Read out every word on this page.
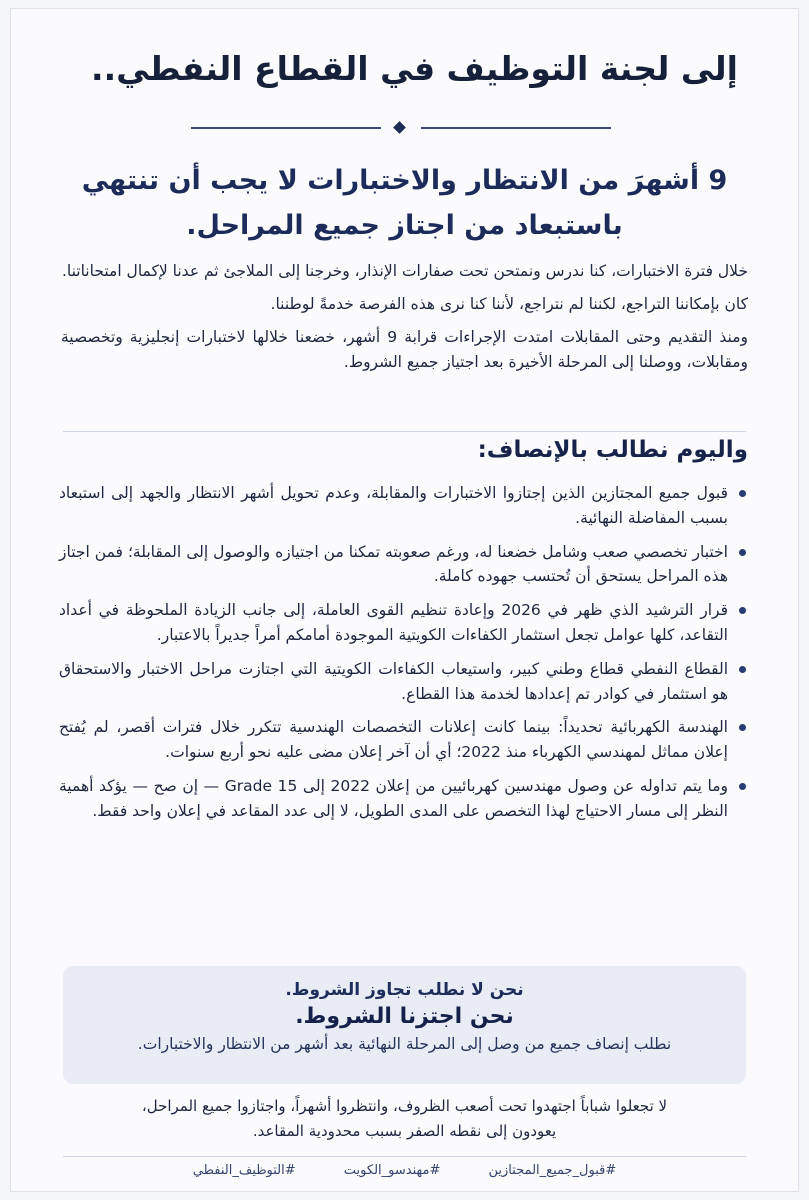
إلى لجنة التوظيف في القطاع النفطي..
9 أشهرَ من الانتظار والاختبارات لا يجب أن تنتهي
باستبعاد من اجتاز جميع المراحل.

خلال فترة الاختبارات، كنا ندرس ونمتحن تحت صفارات الإنذار، وخرجنا إلى الملاجئ ثم عدنا لإكمال امتحاناتنا.

كان بإمكاننا التراجع، لكننا لم نتراجع، لأننا كنا نرى هذه الفرصة خدمةً لوطننا.

ومنذ التقديم وحتى المقابلات امتدت الإجراءات قرابة 9 أشهر، خضعنا خلالها لاختبارات إنجليزية وتخصصية ومقابلات، ووصلنا إلى المرحلة الأخيرة بعد اجتياز جميع الشروط.

واليوم نطالب بالإنصاف:
قبول جميع المجتازين الذين إجتازوا الاختبارات والمقابلة، وعدم تحويل أشهر الانتظار والجهد إلى استبعاد بسبب المفاضلة النهائية.
اختبار تخصصي صعب وشامل خضعنا له، ورغم صعوبته تمكنا من اجتيازه والوصول إلى المقابلة؛ فمن اجتاز هذه المراحل يستحق أن تُحتسب جهوده كاملة.
قرار الترشيد الذي ظهر في 2026 وإعادة تنظيم القوى العاملة، إلى جانب الزيادة الملحوظة في أعداد التقاعد، كلها عوامل تجعل استثمار الكفاءات الكويتية الموجودة أمامكم أمراً جديراً بالاعتبار.
القطاع النفطي قطاع وطني كبير، واستيعاب الكفاءات الكويتية التي اجتازت مراحل الاختبار والاستحقاق هو استثمار في كوادر تم إعدادها لخدمة هذا القطاع.
الهندسة الكهربائية تحديداً: بينما كانت إعلانات التخصصات الهندسية تتكرر خلال فترات أقصر، لم يُفتح إعلان مماثل لمهندسي الكهرباء منذ 2022؛ أي أن آخر إعلان مضى عليه نحو أربع سنوات.
وما يتم تداوله عن وصول مهندسين كهربائيين من إعلان 2022 إلى Grade 15 — إن صح — يؤكد أهمية النظر إلى مسار الاحتياج لهذا التخصص على المدى الطويل، لا إلى عدد المقاعد في إعلان واحد فقط.
نحن لا نطلب تجاوز الشروط.
نحن اجتزنا الشروط.
نطلب إنصاف جميع من وصل إلى المرحلة النهائية بعد أشهر من الانتظار والاختبارات.
لا تجعلوا شباباً اجتهدوا تحت أصعب الظروف، وانتظروا أشهراً، واجتازوا جميع المراحل،
يعودون إلى نقطه الصفر بسبب محدودية المقاعد.
#قبول_جميع_المجتازين #مهندسو_الكويت #التوظيف_النفطي
